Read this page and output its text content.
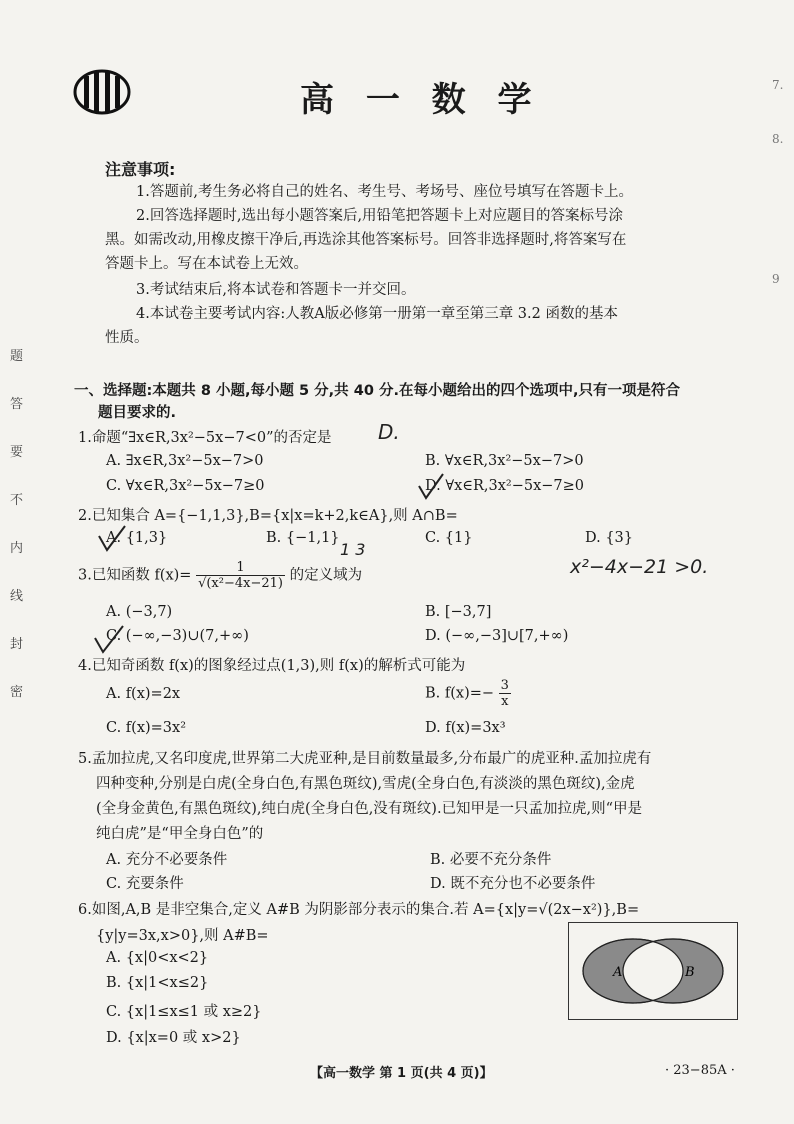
题
答
要
不
内
线
封
密
7.
8.
9
高 一 数 学
注意事项:
1.答题前,考生务必将自己的姓名、考生号、考场号、座位号填写在答题卡上。
2.回答选择题时,选出每小题答案后,用铅笔把答题卡上对应题目的答案标号涂
黑。如需改动,用橡皮擦干净后,再选涂其他答案标号。回答非选择题时,将答案写在
答题卡上。写在本试卷上无效。
3.考试结束后,将本试卷和答题卡一并交回。
4.本试卷主要考试内容:人教A版必修第一册第一章至第三章 3.2 函数的基本
性质。
一、选择题:本题共 8 小题,每小题 5 分,共 40 分.在每小题给出的四个选项中,只有一项是符合
题目要求的.
1.命题“∃x∈R,3x²−5x−7<0”的否定是 D.
A. ∃x∈R,3x²−5x−7>0	B. ∀x∈R,3x²−5x−7>0
C. ∀x∈R,3x²−5x−7≥0	D. ∀x∈R,3x²−5x−7≥0
2.已知集合 A={−1,1,3},B={x|x=k+2,k∈A},则 A∩B=
A. {1,3}	B. {−1,1}	C. {1}	D. {3}
1 3
3.已知函数 $f(x)= \frac{1}{\text{√(x²−4x−21)}}$ 的定义域为	x²−4x−21 >0.
A. (−3,7)	B. [−3,7]
C. (−∞,−3)∪(7,+∞)	D. (−∞,−3]∪[7,+∞)
4.已知奇函数 f(x)的图象经过点(1,3),则 f(x)的解析式可能为
A. f(x)=2x	B. $f(x)=- \frac{3}{x}$
C. f(x)=3x²	D. f(x)=3x³
5.孟加拉虎,又名印度虎,世界第二大虎亚种,是目前数量最多,分布最广的虎亚种.孟加拉虎有
四种变种,分别是白虎(全身白色,有黑色斑纹),雪虎(全身白色,有淡淡的黑色斑纹),金虎
(全身金黄色,有黑色斑纹),纯白虎(全身白色,没有斑纹).已知甲是一只孟加拉虎,则“甲是
纯白虎”是“甲全身白色”的
A. 充分不必要条件	B. 必要不充分条件
C. 充要条件	D. 既不充分也不必要条件
6.如图,A,B 是非空集合,定义 A#B 为阴影部分表示的集合.若 A={x|y=√(2x−x²)},B=
{y|y=3x,x>0},则 A#B=
A. {x|0<x<2}
B. {x|1<x≤2}
C. {x|1≤x≤1 或 x≥2}
D. {x|x=0 或 x>2}
A	B
【高一数学 第 1 页(共 4 页)】	· 23−85A ·
